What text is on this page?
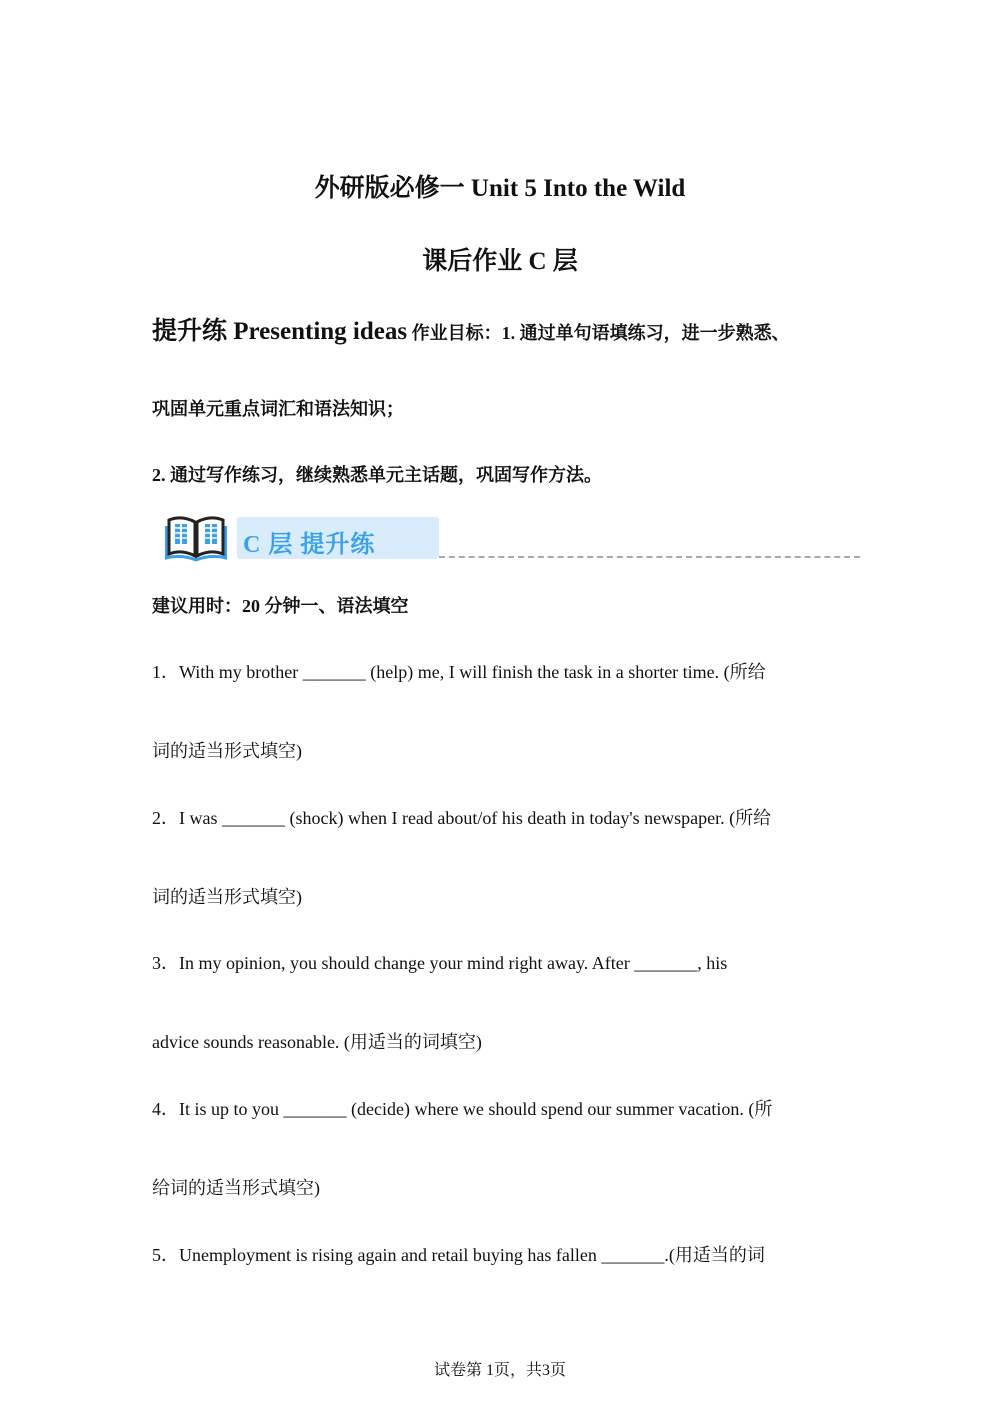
外研版必修一 Unit 5 Into the Wild
课后作业 C 层
提升练 Presenting ideas 作业目标：1. 通过单句语填练习，进一步熟悉、
巩固单元重点词汇和语法知识；
2. 通过写作练习，继续熟悉单元主话题，巩固写作方法。
C 层 提升练
建议用时：20 分钟一、语法填空
1．With my brother _______ (help) me, I will finish the task in a shorter time. (所给
词的适当形式填空)
2．I was _______ (shock) when I read about/of his death in today's newspaper. (所给
词的适当形式填空)
3．In my opinion, you should change your mind right away. After _______, his
advice sounds reasonable. (用适当的词填空)
4．It is up to you _______ (decide) where we should spend our summer vacation. (所
给词的适当形式填空)
5．Unemployment is rising again and retail buying has fallen _______.(用适当的词
试卷第 1页，共3页
